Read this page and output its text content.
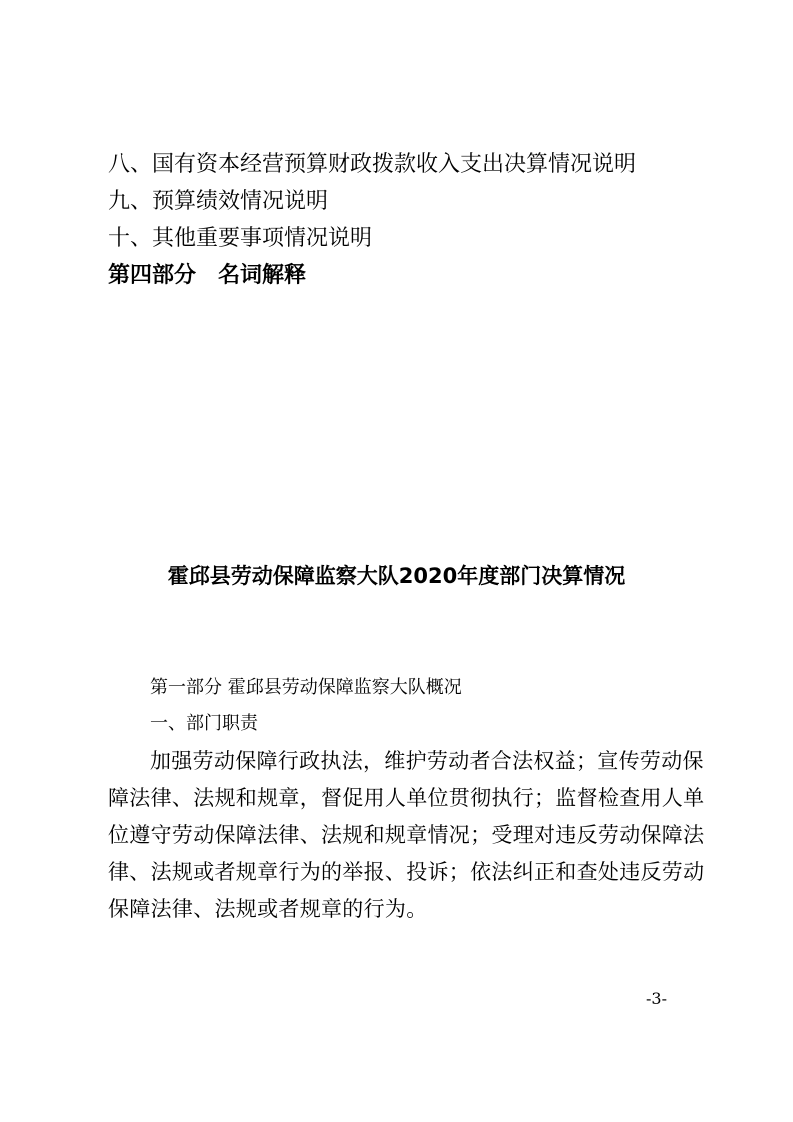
八、国有资本经营预算财政拨款收入支出决算情况说明
九、预算绩效情况说明
十、其他重要事项情况说明
第四部分　名词解释
霍邱县劳动保障监察大队2020年度部门决算情况
第一部分 霍邱县劳动保障监察大队概况
一、部门职责
加强劳动保障行政执法，维护劳动者合法权益；宣传劳动保
障法律、法规和规章，督促用人单位贯彻执行；监督检查用人单
位遵守劳动保障法律、法规和规章情况；受理对违反劳动保障法
律、法规或者规章行为的举报、投诉；依法纠正和查处违反劳动
保障法律、法规或者规章的行为。
-3-
